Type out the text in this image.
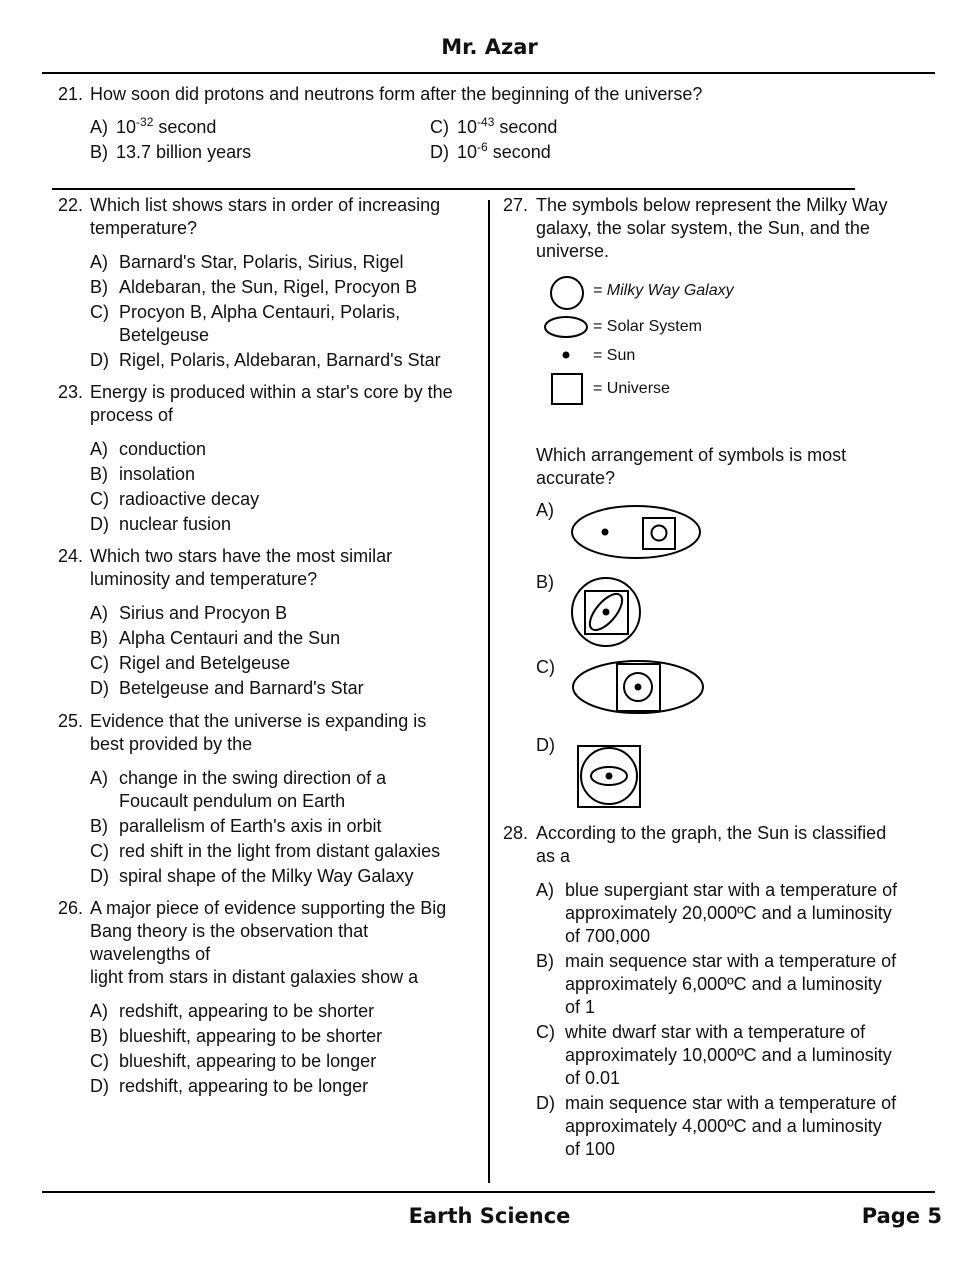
Mr. Azar
21. How soon did protons and neutrons form after the beginning of the universe?
A) $10^{-32}$ second
B) 13.7 billion years
C) $10^{-43}$ second
D) $10^{-6}$ second
22. Which list shows stars in order of increasing
temperature?
A) Barnard's Star, Polaris, Sirius, Rigel
B) Aldebaran, the Sun, Rigel, Procyon B
C) Procyon B, Alpha Centauri, Polaris,
Betelgeuse
D) Rigel, Polaris, Aldebaran, Barnard's Star
23. Energy is produced within a star's core by the
process of
A) conduction
B) insolation
C) radioactive decay
D) nuclear fusion
24. Which two stars have the most similar
luminosity and temperature?
A) Sirius and Procyon B
B) Alpha Centauri and the Sun
C) Rigel and Betelgeuse
D) Betelgeuse and Barnard's Star
25. Evidence that the universe is expanding is
best provided by the
A) change in the swing direction of a
Foucault pendulum on Earth
B) parallelism of Earth's axis in orbit
C) red shift in the light from distant galaxies
D) spiral shape of the Milky Way Galaxy
26. A major piece of evidence supporting the Big
Bang theory is the observation that
wavelengths of
light from stars in distant galaxies show a
A) redshift, appearing to be shorter
B) blueshift, appearing to be shorter
C) blueshift, appearing to be longer
D) redshift, appearing to be longer
28. According to the graph, the Sun is classified
as a
A) blue supergiant star with a temperature of
approximately 20,000ºC and a luminosity
of 700,000
B) main sequence star with a temperature of
approximately 6,000ºC and a luminosity
of 1
C) white dwarf star with a temperature of
approximately 10,000ºC and a luminosity
of 0.01
D) main sequence star with a temperature of
approximately 4,000ºC and a luminosity
of 100
27. The symbols below represent the Milky Way
galaxy, the solar system, the Sun, and the
universe.
= Milky Way Galaxy
= Solar System
= Sun
= Universe
Which arrangement of symbols is most
accurate?
A)
B)
C)
D)
Earth Science	Page 5
